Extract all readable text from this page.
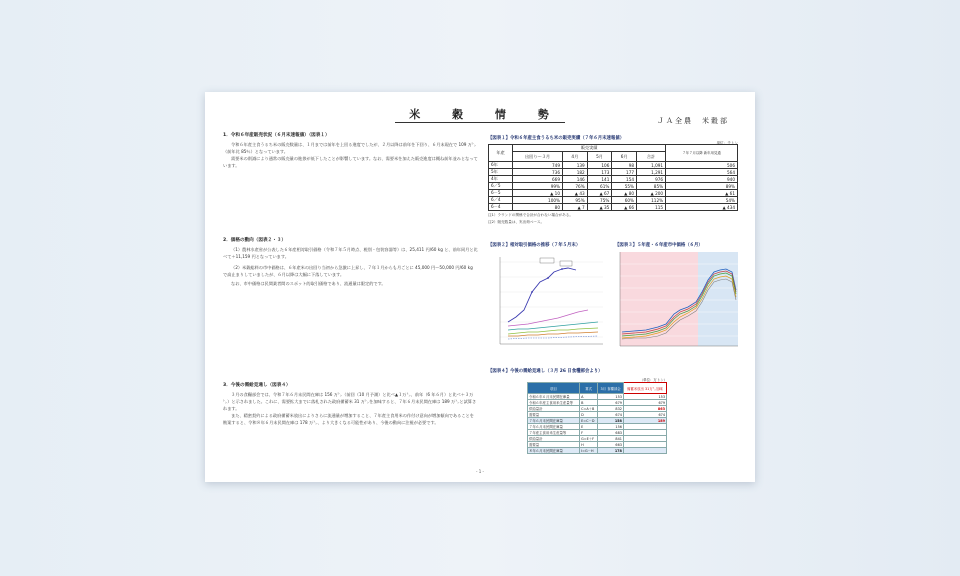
米 穀 情 勢	ＪＡ全農　米穀部
1．令和６年産販売状況（６月末速報値）（図表１）
令和６年産主食うるち米の販売数量は、１月までは前年を上回る進度でしたが、２月以降は前年を下回り、６月末現在で 109 万㌧（前年比 85％）となっています。
需要米の削減により通常の販売量の進捗が低下したことが影響しています。なお、需要米を加えた販売進度は概ね前年並みとなっています。
2．価格の動向（図表２・３）
（1）農林水産省が公表した６年産相対取引価格（令和７年５月時点、税別・包装容器等）は、25,411 円/60 kg と、前年同月と比べて＋11,159 円となっています。
（2）米穀総料の市中価格は、６年産米の出回り当初から急激に上昇し、７年１月からも月ごとに 45,000 円～50,000 円/60 kg で高止まりしていましたが、６月以降は大幅に下落しています。
なお、市中価格は民間業者間のスポット的取引価格であり、流通量は限定的です。
3．今後の需給見通し（図表４）
３月の食糧部会では、令和７年６月末民間在庫は 156 万㌧（前回（10 月予測）と比べ▲１万㌧、前年（6 年６月）と比べ＋３万㌧）と示されました。これに、需要拡大までに落札された政府備蓄米 31 万㌧を加味すると、７年６月末民間在庫は 189 万㌧と試算されます。
また、精密契約による政府備蓄米放出によりさらに流通量が増加すること、７年産主食用米の作付け意向が増加傾向であることを勘案すると、令和８年６月末民間在庫は 178 万㌧、より大きくなる可能性があり、今後の動向に注視が必要です。
【図表１】令和６年産主食うるち米の販売実績（７年６月末速報値）
単位：千トン
年産	販売実績					７年７月以降 新年用見通
	出回り～３月	4月	5月	6月	合計	
6年	749	139	106	98	1,091	506
5年	736	182	173	177	1,291	564
4年	669	146	141	154	976	940
6／5	99%	76%	61%	55%	85%	89%
6－5	▲ 10	▲ 43	▲ 67	▲ 80	▲ 200	▲ 61
6／4	100%	95%	75%	60%	112%	54%
6－4	80	▲ 7	▲ 35	▲ 66	115	▲ 434
注1）ラウンドの関係で合計が合わない場合がある。
注2）販売数量は、実出荷ベース。
【図表２】相対取引価格の推移（７年５月末）	【図表３】５年産・６年産市中価格（６月）
【図表４】今後の需給見通し（３月 26 日食糧部会より）
（単位：万トン）
項目	算式	3月 食糧部会	備蓄米放出 31万㌧加味
令和６年６月末民間在庫量	A	153	153
令和６年産主食用米生産量等	B	679	679
供給量計	C=A＋B	832	863
需要量	D	674	674
７年６月末民間在庫量	E=C－D	158	189
７年６月末民間在庫量	E	156	
７年産主食用米生産量等	F	683	
供給量計	G=E＋F	841	
需要量	H	663	
８年６月末民間在庫量	I=G－H	178	
- 1 -
